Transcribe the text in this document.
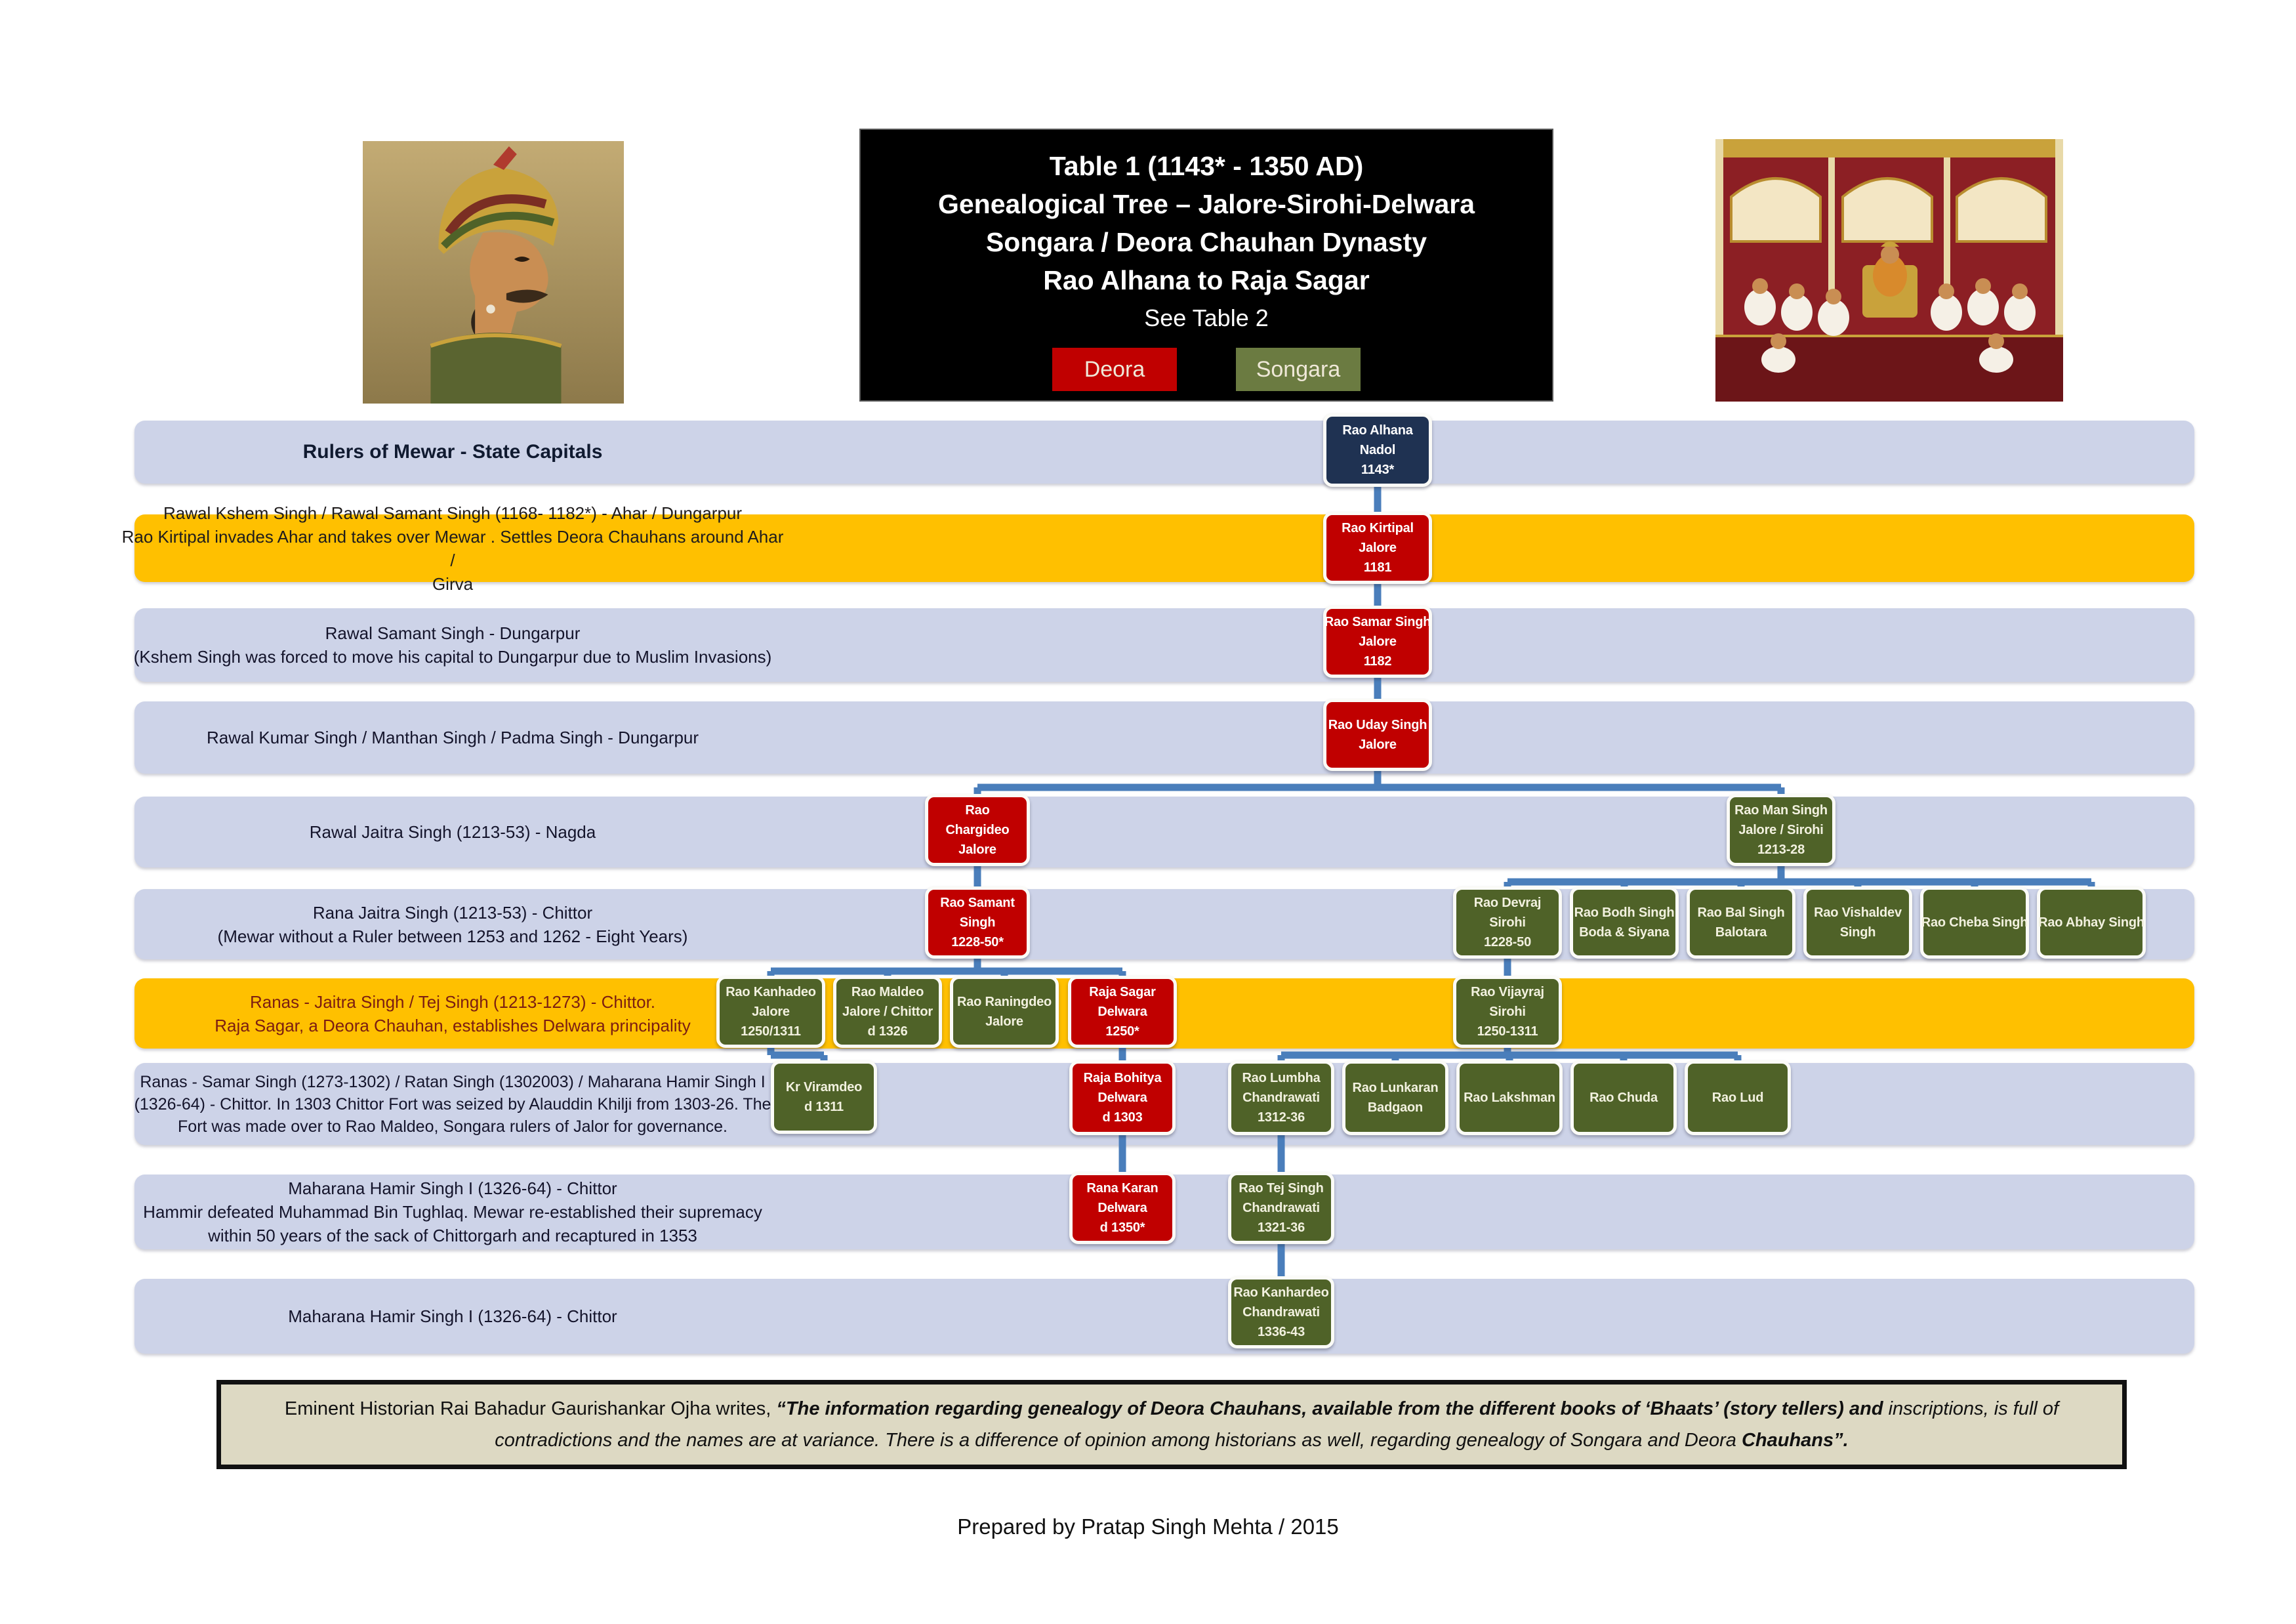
Table 1 (1143* - 1350 AD)
Genealogical Tree – Jalore-Sirohi-Delwara
Songara / Deora Chauhan Dynasty
Rao Alhana to Raja Sagar
See Table 2
Deora	Songara
Rulers of Mewar - State Capitals
Rawal Kshem Singh / Rawal Samant Singh (1168- 1182*) - Ahar / Dungarpur
Rao Kirtipal invades Ahar and takes over Mewar . Settles Deora Chauhans around Ahar /
Girva
Rawal Samant Singh - Dungarpur
(Kshem Singh was forced to move his capital to Dungarpur due to Muslim Invasions)
Rawal Kumar Singh / Manthan Singh / Padma Singh - Dungarpur
Rawal Jaitra Singh (1213-53) - Nagda
Rana Jaitra Singh (1213-53) - Chittor
(Mewar without a Ruler between 1253 and 1262 - Eight Years)
Ranas - Jaitra Singh / Tej Singh (1213-1273) - Chittor.
Raja Sagar, a Deora Chauhan, establishes Delwara principality
Ranas - Samar Singh (1273-1302) / Ratan Singh (1302003) / Maharana Hamir Singh I
(1326-64) - Chittor. In 1303 Chittor Fort was seized by Alauddin Khilji from 1303-26. The
Fort was made over to Rao Maldeo, Songara rulers of Jalor for governance.
Maharana Hamir Singh I (1326-64) - Chittor
Hammir defeated Muhammad Bin Tughlaq. Mewar re-established their supremacy
within 50 years of the sack of Chittorgarh and recaptured in 1353
Maharana Hamir Singh I (1326-64) - Chittor
Rao Alhana
Nadol
1143*
Rao Kirtipal
Jalore
1181
Rao Samar Singh
Jalore
1182
Rao Uday Singh
Jalore
Rao
Chargideo
Jalore
Rao Man Singh
Jalore / Sirohi
1213-28
Rao Samant
Singh
1228-50*
Rao Devraj
Sirohi
1228-50
Rao Bodh Singh
Boda & Siyana
Rao Bal Singh
Balotara
Rao Vishaldev
Singh
Rao Cheba Singh Rao Abhay Singh
Rao Kanhadeo
Jalore
1250/1311
Rao Maldeo
Jalore / Chittor
d 1326
Rao Raningdeo
Jalore
Raja Sagar
Delwara
1250*
Rao Vijayraj
Sirohi
1250-1311
Kr Viramdeo
d 1311
Raja Bohitya
Delwara
d 1303
Rao Lumbha
Chandrawati
1312-36
Rao Lunkaran
Badgaon
Rao Lakshman	Rao Chuda	Rao Lud
Rana Karan
Delwara
d 1350*
Rao Tej Singh
Chandrawati
1321-36
Rao Kanhardeo
Chandrawati
1336-43
Eminent Historian Rai Bahadur Gaurishankar Ojha writes, “The information regarding genealogy of Deora Chauhans, available from the different books of ‘Bhaats’ (story tellers) and inscriptions, is full of contradictions and the names are at variance. There is a difference of opinion among historians as well, regarding genealogy of Songara and Deora Chauhans”.
Prepared by Pratap Singh Mehta / 2015
